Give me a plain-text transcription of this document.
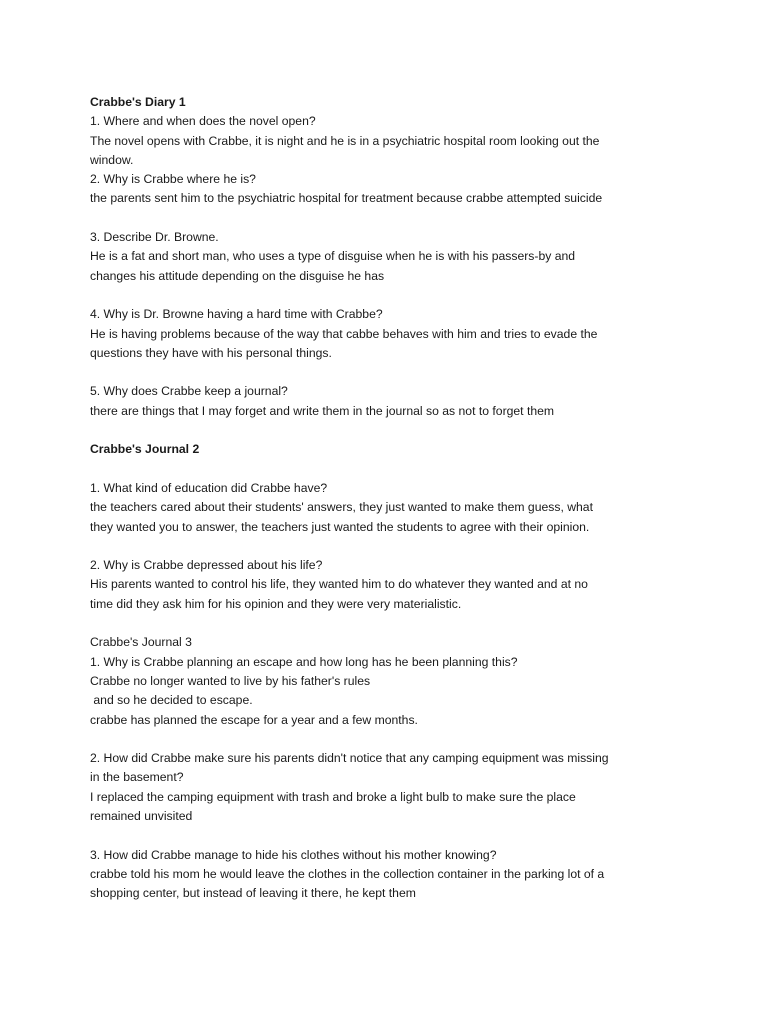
Crabbe's Diary 1
1. Where and when does the novel open?
The novel opens with Crabbe, it is night and he is in a psychiatric hospital room looking out the
window.
2. Why is Crabbe where he is?
the parents sent him to the psychiatric hospital for treatment because crabbe attempted suicide
3. Describe Dr. Browne.
He is a fat and short man, who uses a type of disguise when he is with his passers-by and
changes his attitude depending on the disguise he has
4. Why is Dr. Browne having a hard time with Crabbe?
He is having problems because of the way that cabbe behaves with him and tries to evade the
questions they have with his personal things.
5. Why does Crabbe keep a journal?
there are things that I may forget and write them in the journal so as not to forget them
Crabbe's Journal 2
1. What kind of education did Crabbe have?
the teachers cared about their students' answers, they just wanted to make them guess, what
they wanted you to answer, the teachers just wanted the students to agree with their opinion.
2. Why is Crabbe depressed about his life?
His parents wanted to control his life, they wanted him to do whatever they wanted and at no
time did they ask him for his opinion and they were very materialistic.
Crabbe's Journal 3
1. Why is Crabbe planning an escape and how long has he been planning this?
Crabbe no longer wanted to live by his father's rules
and so he decided to escape.
crabbe has planned the escape for a year and a few months.
2. How did Crabbe make sure his parents didn't notice that any camping equipment was missing
in the basement?
I replaced the camping equipment with trash and broke a light bulb to make sure the place
remained unvisited
3. How did Crabbe manage to hide his clothes without his mother knowing?
crabbe told his mom he would leave the clothes in the collection container in the parking lot of a
shopping center, but instead of leaving it there, he kept them
